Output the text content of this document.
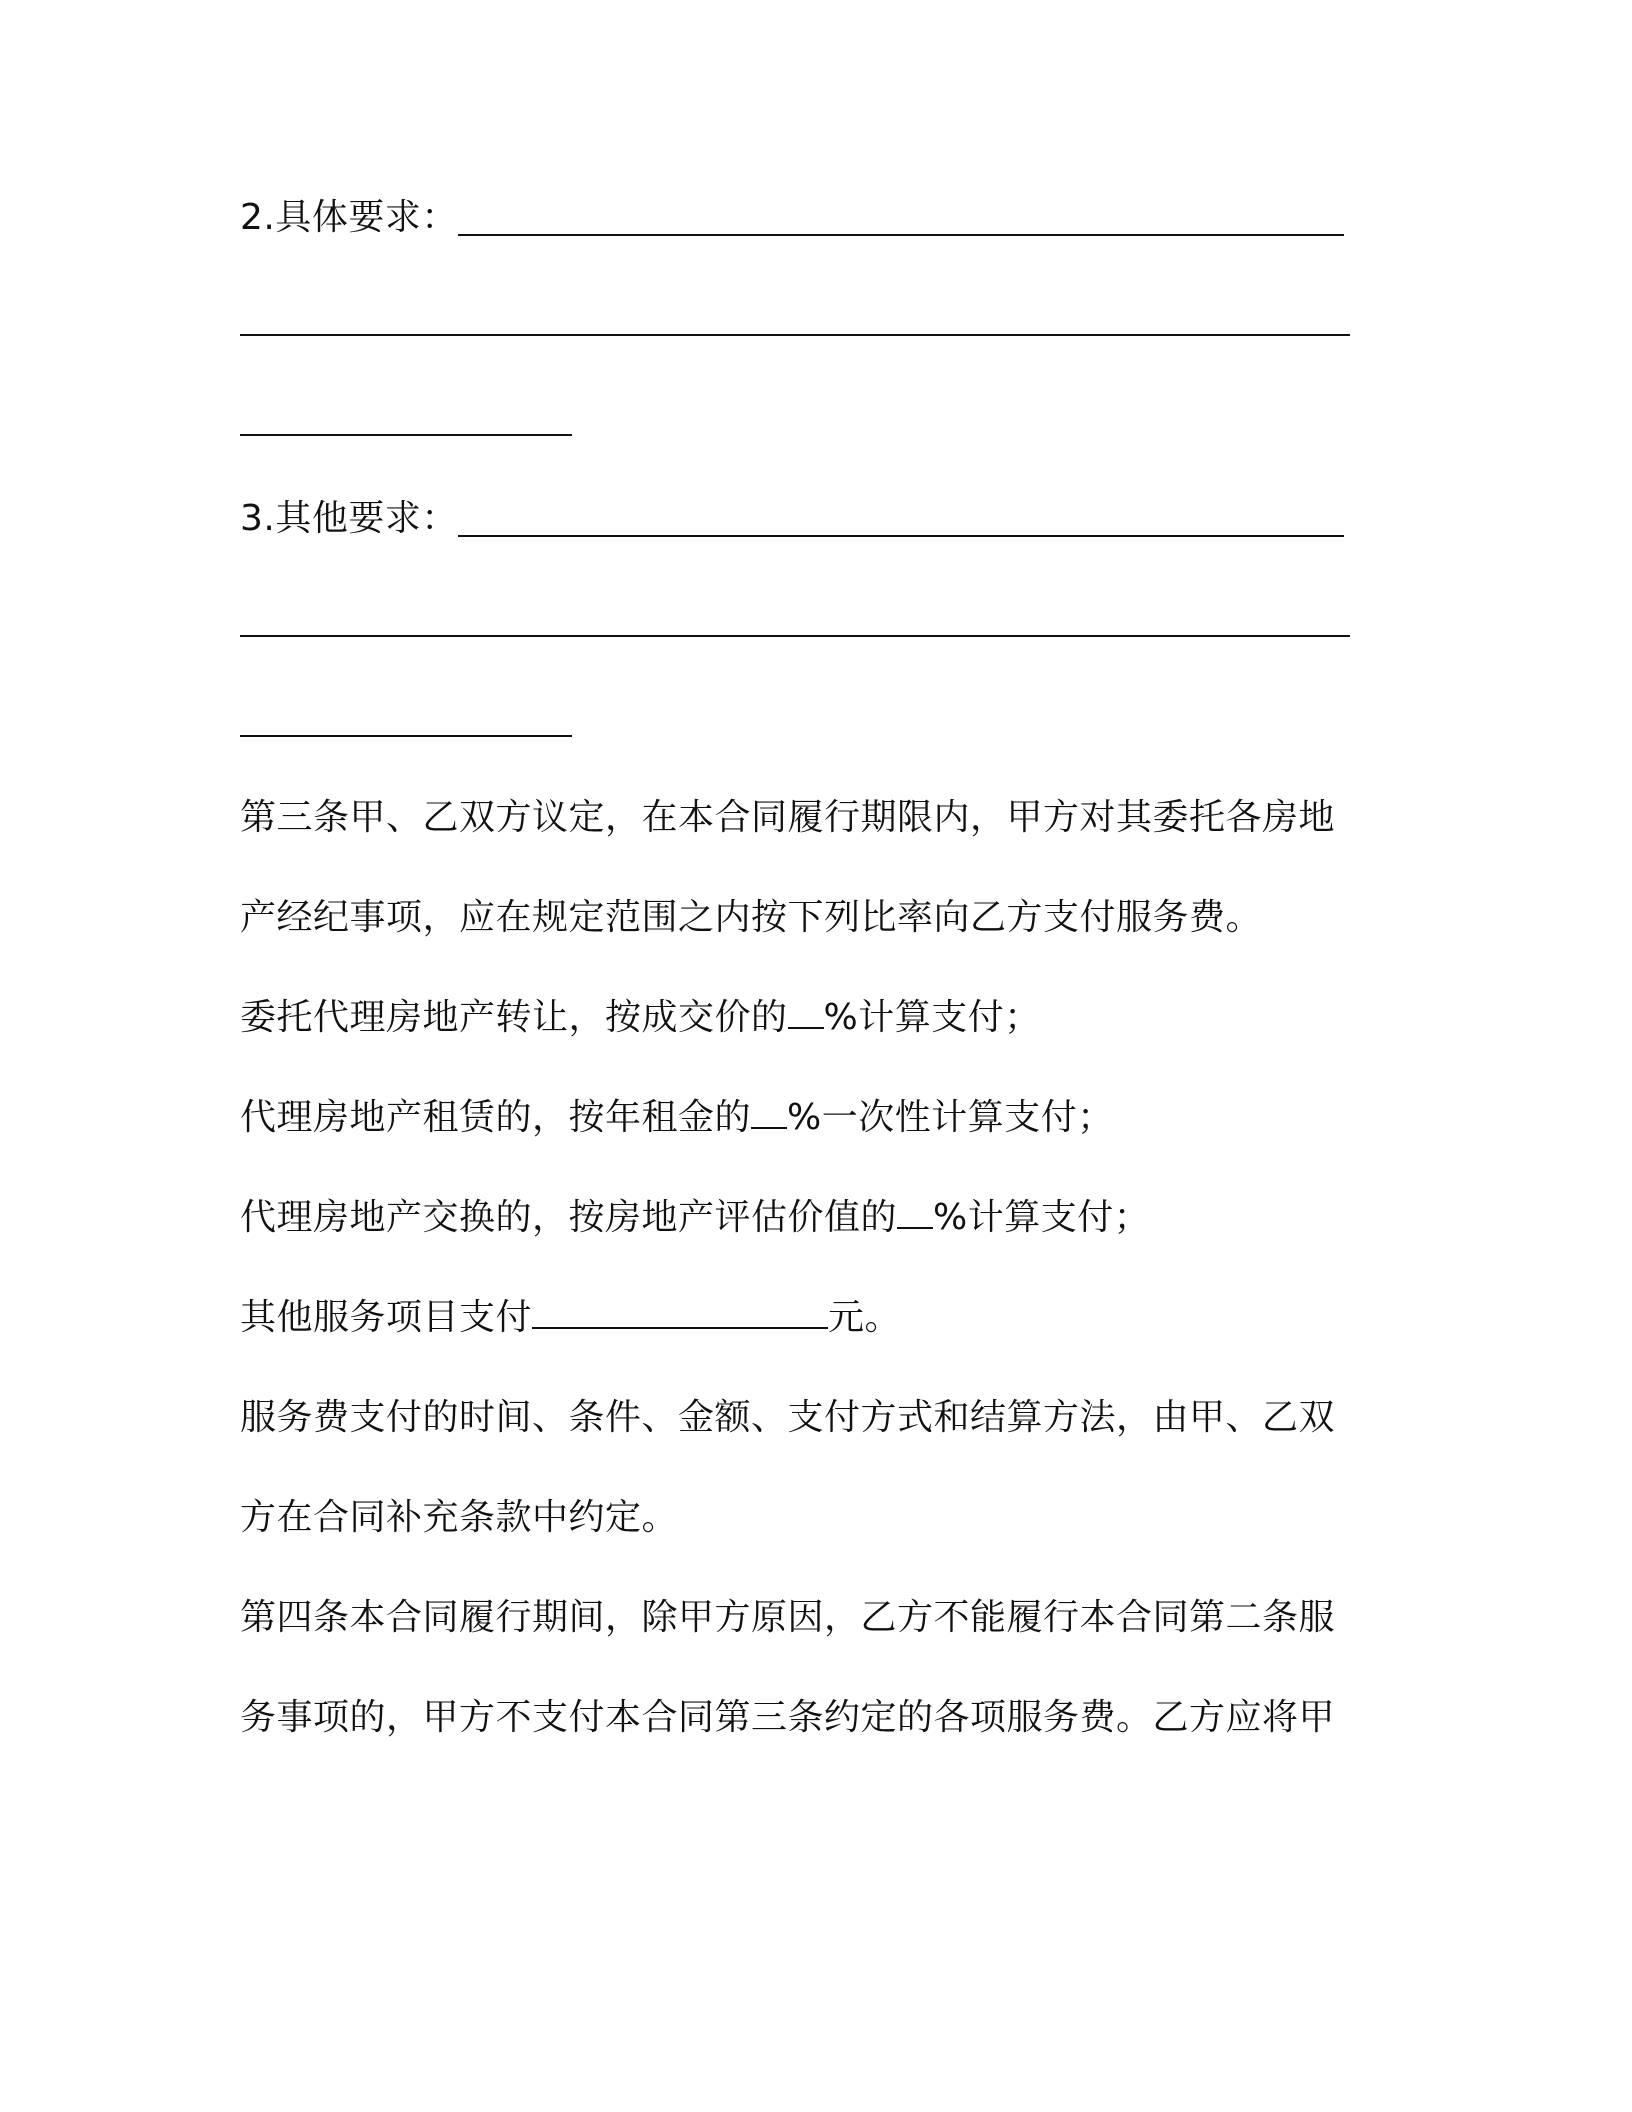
2.具体要求：
3.其他要求：
第三条甲、乙双方议定，在本合同履行期限内，甲方对其委托各房地
产经纪事项，应在规定范围之内按下列比率向乙方支付服务费。
委托代理房地产转让，按成交价的 %计算支付；
代理房地产租赁的，按年租金的 %一次性计算支付；
代理房地产交换的，按房地产评估价值的 %计算支付；
其他服务项目支付	元。
服务费支付的时间、条件、金额、支付方式和结算方法，由甲、乙双
方在合同补充条款中约定。
第四条本合同履行期间，除甲方原因，乙方不能履行本合同第二条服
务事项的，甲方不支付本合同第三条约定的各项服务费。乙方应将甲
